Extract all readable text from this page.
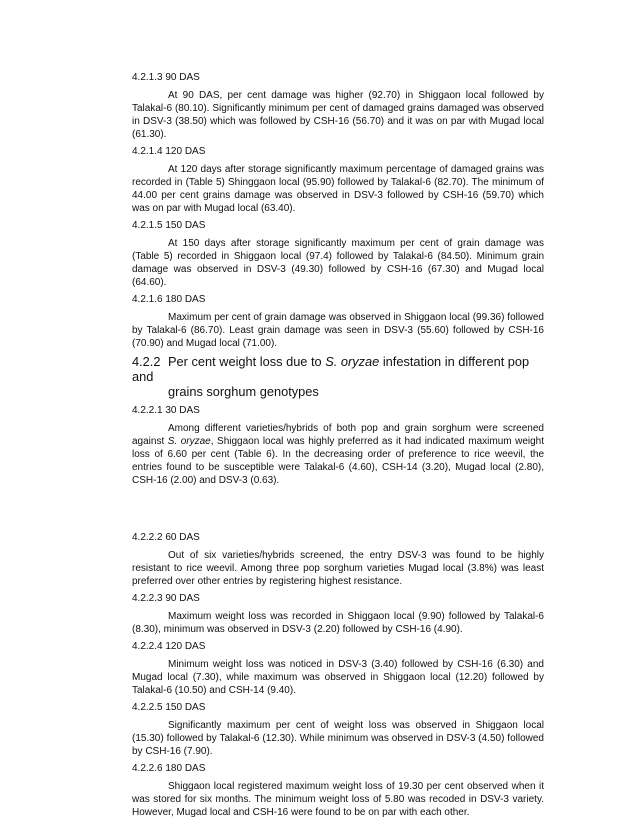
4.2.1.3 90 DAS
At 90 DAS, per cent damage was higher (92.70) in Shiggaon local followed by Talakal-6 (80.10). Significantly minimum per cent of damaged grains damaged was observed in DSV-3 (38.50) which was followed by CSH-16 (56.70) and it was on par with Mugad local (61.30).
4.2.1.4 120 DAS
At 120 days after storage significantly maximum percentage of damaged grains was recorded in (Table 5) Shinggaon local (95.90) followed by Talakal-6 (82.70). The minimum of 44.00 per cent grains damage was observed in DSV-3 followed by CSH-16 (59.70) which was on par with Mugad local (63.40).
4.2.1.5 150 DAS
At 150 days after storage significantly maximum per cent of grain damage was (Table 5) recorded in Shiggaon local (97.4) followed by Talakal-6 (84.50). Minimum grain damage was observed in DSV-3 (49.30) followed by CSH-16 (67.30) and Mugad local (64.60).
4.2.1.6 180 DAS
Maximum per cent of grain damage was observed in Shiggaon local (99.36) followed by Talakal-6 (86.70). Least grain damage was seen in DSV-3 (55.60) followed by CSH-16 (70.90) and Mugad local (71.00).
4.2.2 Per cent weight loss due to S. oryzae infestation in different pop and
grains sorghum genotypes
4.2.2.1 30 DAS
Among different varieties/hybrids of both pop and grain sorghum were screened against S. oryzae, Shiggaon local was highly preferred as it had indicated maximum weight loss of 6.60 per cent (Table 6). In the decreasing order of preference to rice weevil, the entries found to be susceptible were Talakal-6 (4.60), CSH-14 (3.20), Mugad local (2.80), CSH-16 (2.00) and DSV-3 (0.63).
4.2.2.2 60 DAS
Out of six varieties/hybrids screened, the entry DSV-3 was found to be highly resistant to rice weevil. Among three pop sorghum varieties Mugad local (3.8%) was least preferred over other entries by registering highest resistance.
4.2.2.3 90 DAS
Maximum weight loss was recorded in Shiggaon local (9.90) followed by Talakal-6 (8.30), minimum was observed in DSV-3 (2.20) followed by CSH-16 (4.90).
4.2.2.4 120 DAS
Minimum weight loss was noticed in DSV-3 (3.40) followed by CSH-16 (6.30) and Mugad local (7.30), while maximum was observed in Shiggaon local (12.20) followed by Talakal-6 (10.50) and CSH-14 (9.40).
4.2.2.5 150 DAS
Significantly maximum per cent of weight loss was observed in Shiggaon local (15.30) followed by Talakal-6 (12.30). While minimum was observed in DSV-3 (4.50) followed by CSH-16 (7.90).
4.2.2.6 180 DAS
Shiggaon local registered maximum weight loss of 19.30 per cent observed when it was stored for six months. The minimum weight loss of 5.80 was recoded in DSV-3 variety. However, Mugad local and CSH-16 were found to be on par with each other.
